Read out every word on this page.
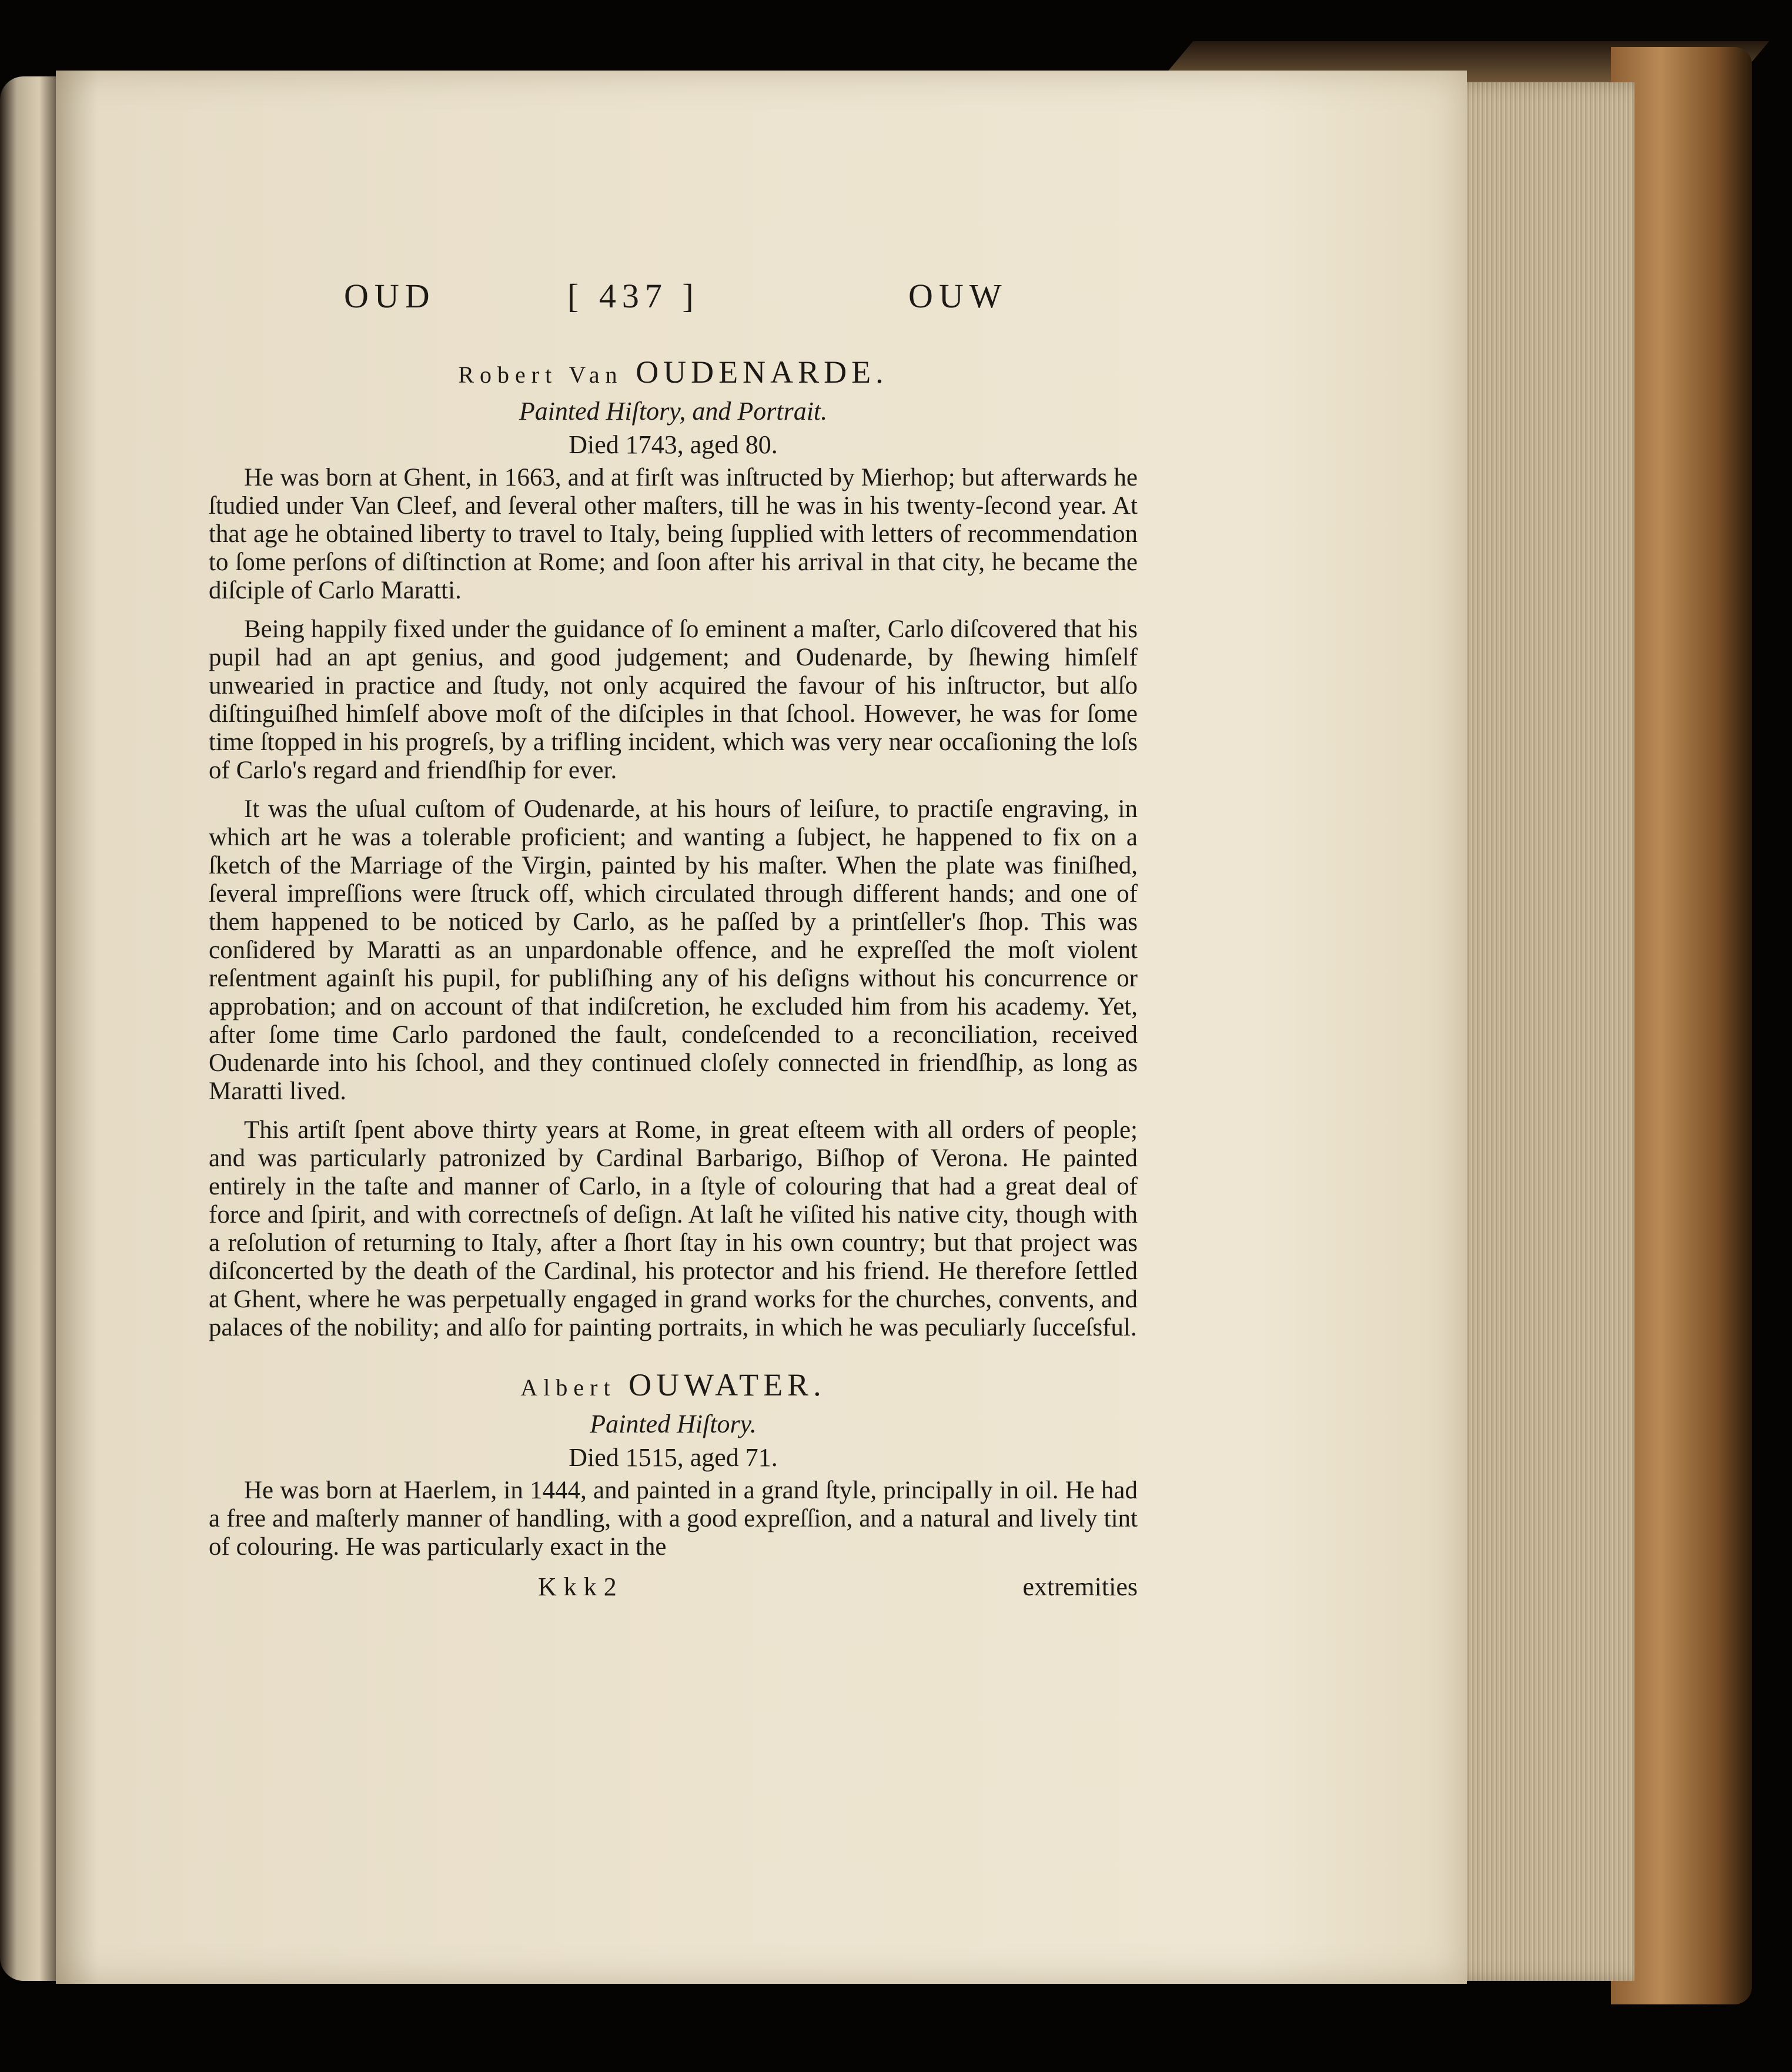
OUD	[ 437 ]	OUW
Robert Van OUDENARDE.
Painted Hiſtory, and Portrait.
Died 1743, aged 80.

He was born at Ghent, in 1663, and at firſt was inſtructed by Mierhop; but afterwards he ſtudied under Van Cleef, and ſeveral other maſters, till he was in his twenty-ſecond year. At that age he obtained liberty to travel to Italy, being ſupplied with letters of recommendation to ſome perſons of diſtinction at Rome; and ſoon after his arrival in that city, he became the diſciple of Carlo Maratti.

Being happily fixed under the guidance of ſo eminent a maſter, Carlo diſcovered that his pupil had an apt genius, and good judgement; and Oudenarde, by ſhewing himſelf unwearied in practice and ſtudy, not only acquired the favour of his inſtructor, but alſo diſtinguiſhed himſelf above moſt of the diſciples in that ſchool. However, he was for ſome time ſtopped in his progreſs, by a trifling incident, which was very near occaſioning the loſs of Carlo's regard and friendſhip for ever.

It was the uſual cuſtom of Oudenarde, at his hours of leiſure, to practiſe engraving, in which art he was a tolerable proficient; and wanting a ſubject, he happened to fix on a ſketch of the Marriage of the Virgin, painted by his maſter. When the plate was finiſhed, ſeveral impreſſions were ſtruck off, which circulated through different hands; and one of them happened to be noticed by Carlo, as he paſſed by a printſeller's ſhop. This was conſidered by Maratti as an unpardonable offence, and he expreſſed the moſt violent reſentment againſt his pupil, for publiſhing any of his deſigns without his concurrence or approbation; and on account of that indiſcretion, he excluded him from his academy. Yet, after ſome time Carlo pardoned the fault, condeſcended to a reconciliation, received Oudenarde into his ſchool, and they continued cloſely connected in friendſhip, as long as Maratti lived.

This artiſt ſpent above thirty years at Rome, in great eſteem with all orders of people; and was particularly patronized by Cardinal Barbarigo, Biſhop of Verona. He painted entirely in the taſte and manner of Carlo, in a ſtyle of colouring that had a great deal of force and ſpirit, and with correctneſs of deſign. At laſt he viſited his native city, though with a reſolution of returning to Italy, after a ſhort ſtay in his own country; but that project was diſconcerted by the death of the Cardinal, his protector and his friend. He therefore ſettled at Ghent, where he was perpetually engaged in grand works for the churches, convents, and palaces of the nobility; and alſo for painting portraits, in which he was peculiarly ſucceſsful.

Albert OUWATER.
Painted Hiſtory.
Died 1515, aged 71.

He was born at Haerlem, in 1444, and painted in a grand ſtyle, principally in oil. He had a free and maſterly manner of handling, with a good expreſſion, and a natural and lively tint of colouring. He was particularly exact in the

Kkk2	extremities
